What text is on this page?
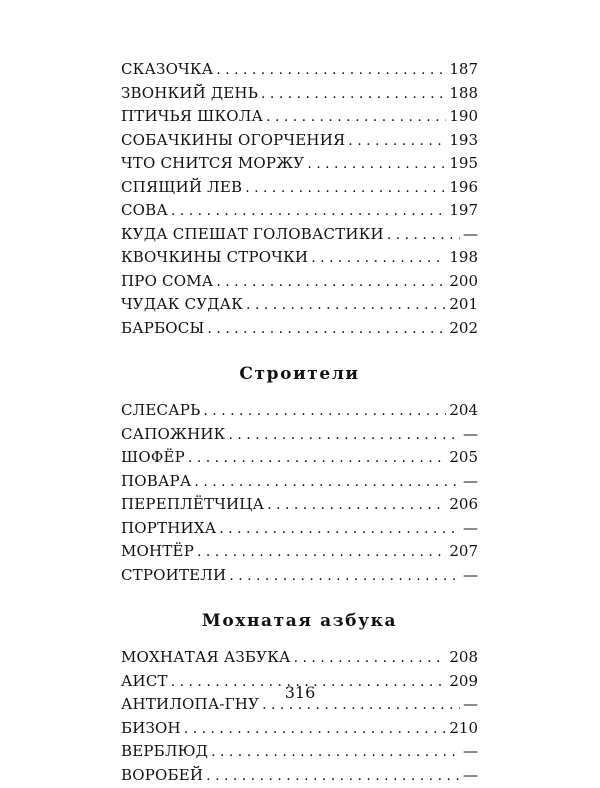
СКАЗОЧКА . . .	187
ЗВОНКИЙ ДЕНЬ . . .	188
ПТИЧЬЯ ШКОЛА . . .	190
СОБАЧКИНЫ ОГОРЧЕНИЯ . . .	193
ЧТО СНИТСЯ МОРЖУ . . .	195
СПЯЩИЙ ЛЕВ . . .	196
СОВА . . .	197
КУДА СПЕШАТ ГОЛОВАСТИКИ . . .	—
КВОЧКИНЫ СТРОЧКИ . . .	198
ПРО СОМА . . .	200
ЧУДАК СУДАК . . .	201
БАРБОСЫ . . .	202
Строители
СЛЕСАРЬ . . .	204
САПОЖНИК . . .	—
ШОФЁР . . .	205
ПОВАРА . . .	—
ПЕРЕПЛЁТЧИЦА . . .	206
ПОРТНИХА . . .	—
МОНТЁР . . .	207
СТРОИТЕЛИ . . .	—
Мохнатая азбука
МОХНАТАЯ АЗБУКА . . .	208
АИСТ . . .	209
АНТИЛОПА-ГНУ . . .	—
БИЗОН . . .	210
ВЕРБЛЮД . . .	—
ВОРОБЕЙ . . .	—
316
